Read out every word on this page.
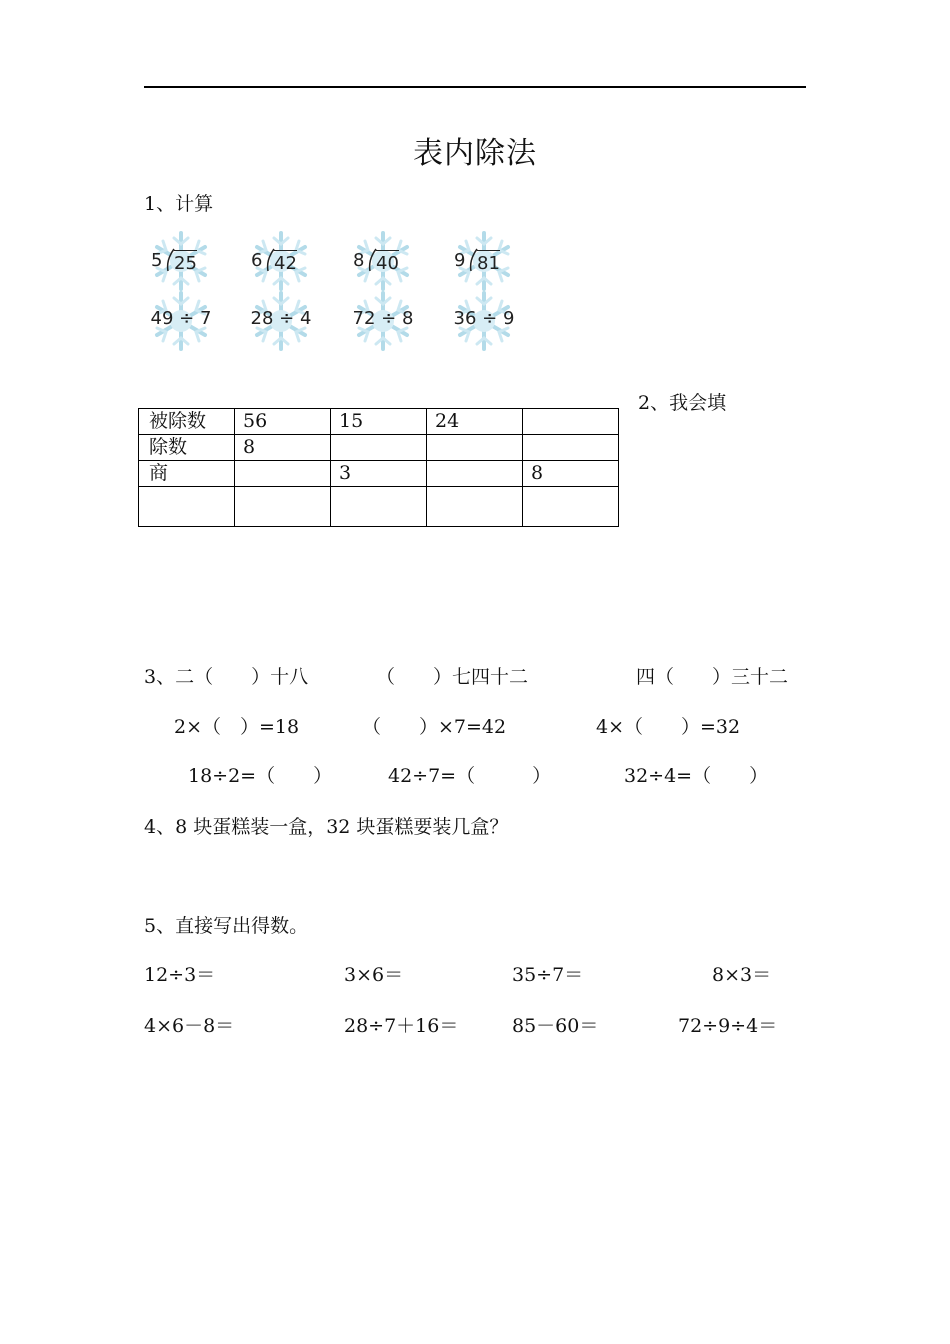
表内除法
1、计算
5 25	6 42	8 40	9 81
49 ÷ 7 28 ÷ 4 72 ÷ 8 36 ÷ 9
2、我会填
被除数	56	15	24	
除数	8			
商		3		8

3、二（　　）十八	（　　）七四十二	四（　　）三十二
2×（　）=18	（　　）×7=42	4×（　　）=32
18÷2=（　　）	42÷7=（　　　）	32÷4=（　　）
4、8 块蛋糕装一盒，32 块蛋糕要装几盒？
5、直接写出得数。
12÷3＝	3×6＝	35÷7＝	8×3＝
4×6－8＝	28÷7＋16＝	85－60＝	72÷9÷4＝
